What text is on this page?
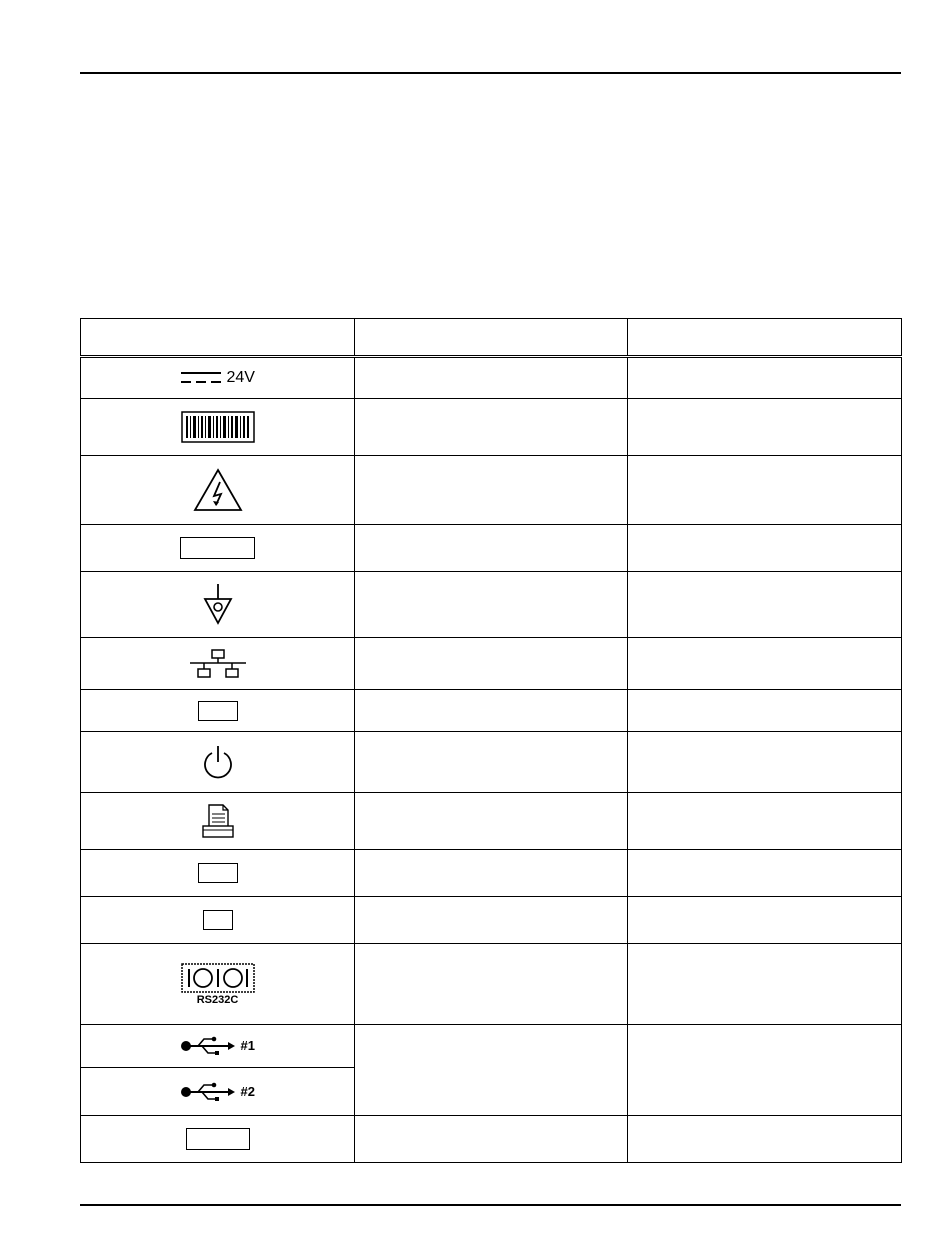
24V		

RS232C		

#1		
#2		
